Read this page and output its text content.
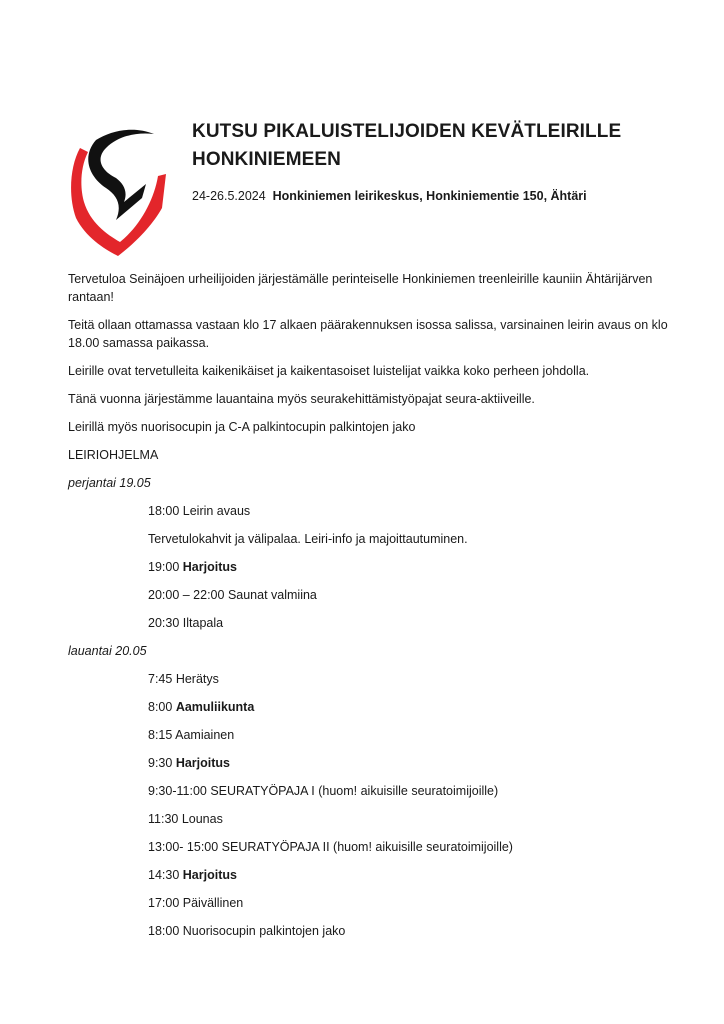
KUTSU PIKALUISTELIJOIDEN KEVÄTLEIRILLE HONKINIEMEEN
24-26.5.2024 Honkiniemen leirikeskus, Honkiniementie 150, Ähtäri

Tervetuloa Seinäjoen urheilijoiden järjestämälle perinteiselle Honkiniemen treenleirille kauniin Ähtärijärven rantaan!

Teitä ollaan ottamassa vastaan klo 17 alkaen päärakennuksen isossa salissa, varsinainen leirin avaus on klo 18.00 samassa paikassa.

Leirille ovat tervetulleita kaikenikäiset ja kaikentasoiset luistelijat vaikka koko perheen johdolla.

Tänä vuonna järjestämme lauantaina myös seurakehittämistyöpajat seura-aktiiveille.

Leirillä myös nuorisocupin ja C-A palkintocupin palkintojen jako

LEIRIOHJELMA

perjantai 19.05
18:00 Leirin avaus
Tervetulokahvit ja välipalaa. Leiri-info ja majoittautuminen.
19:00 Harjoitus
20:00 – 22:00 Saunat valmiina
20:30 Iltapala
lauantai 20.05
7:45 Herätys
8:00 Aamuliikunta
8:15 Aamiainen
9:30 Harjoitus
9:30-11:00 SEURATYÖPAJA I (huom! aikuisille seuratoimijoille)
11:30 Lounas
13:00- 15:00 SEURATYÖPAJA II (huom! aikuisille seuratoimijoille)
14:30 Harjoitus
17:00 Päivällinen
18:00 Nuorisocupin palkintojen jako
